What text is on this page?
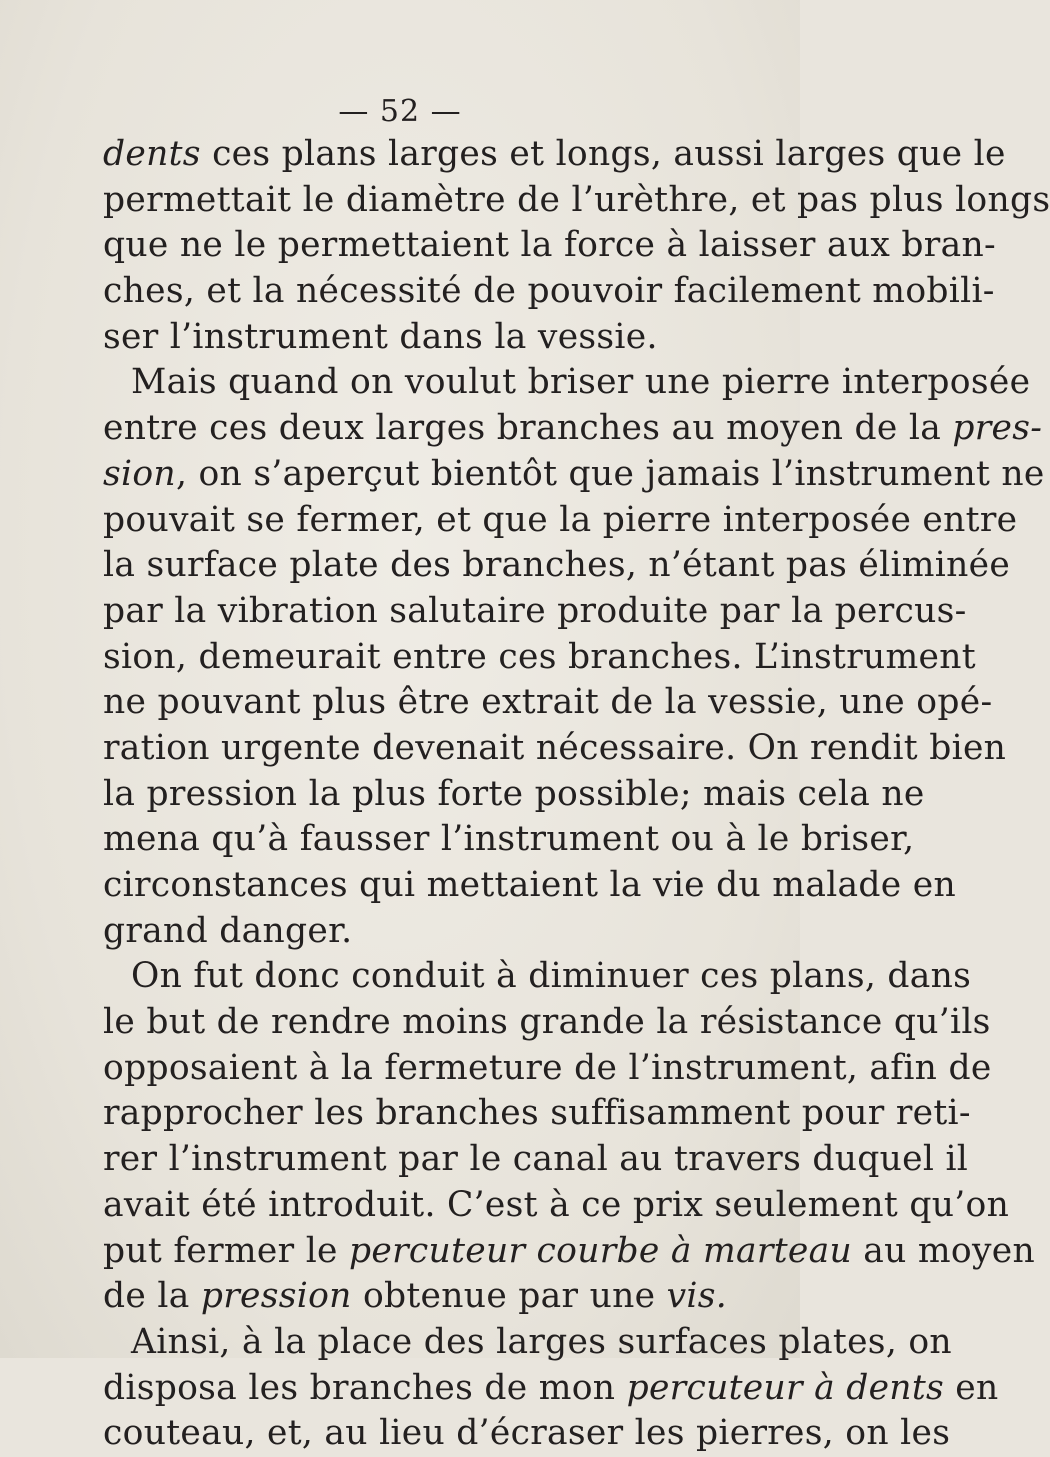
— 52 —
dents ces plans larges et longs, aussi larges que le
permettait le diamètre de l’urèthre, et pas plus longs
que ne le permettaient la force à laisser aux bran-
ches, et la nécessité de pouvoir facilement mobili-
ser l’instrument dans la vessie.
Mais quand on voulut briser une pierre interposée
entre ces deux larges branches au moyen de la pres-
sion, on s’aperçut bientôt que jamais l’instrument ne
pouvait se fermer, et que la pierre interposée entre
la surface plate des branches, n’étant pas éliminée
par la vibration salutaire produite par la percus-
sion, demeurait entre ces branches. L’instrument
ne pouvant plus être extrait de la vessie, une opé-
ration urgente devenait nécessaire. On rendit bien
la pression la plus forte possible; mais cela ne
mena qu’à fausser l’instrument ou à le briser,
circonstances qui mettaient la vie du malade en
grand danger.
On fut donc conduit à diminuer ces plans, dans
le but de rendre moins grande la résistance qu’ils
opposaient à la fermeture de l’instrument, afin de
rapprocher les branches suffisamment pour reti-
rer l’instrument par le canal au travers duquel il
avait été introduit. C’est à ce prix seulement qu’on
put fermer le percuteur courbe à marteau au moyen
de la pression obtenue par une vis.
Ainsi, à la place des larges surfaces plates, on
disposa les branches de mon percuteur à dents en
couteau, et, au lieu d’écraser les pierres, on les
